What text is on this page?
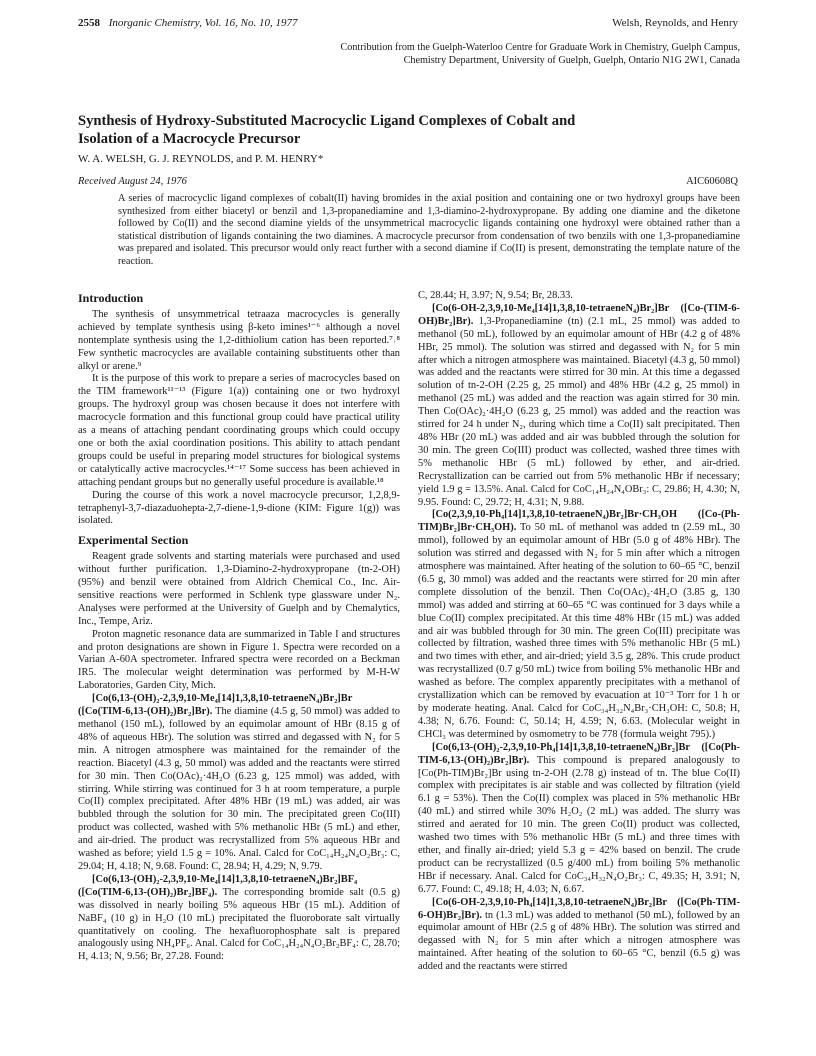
2558 Inorganic Chemistry, Vol. 16, No. 10, 1977	Welsh, Reynolds, and Henry
Contribution from the Guelph-Waterloo Centre for Graduate Work in Chemistry, Guelph Campus,
Chemistry Department, University of Guelph, Guelph, Ontario N1G 2W1, Canada
Synthesis of Hydroxy-Substituted Macrocyclic Ligand Complexes of Cobalt and
Isolation of a Macrocycle Precursor
W. A. WELSH, G. J. REYNOLDS, and P. M. HENRY*
Received August 24, 1976	AIC60608Q

A series of macrocyclic ligand complexes of cobalt(II) having bromides in the axial position and containing one or two hydroxyl groups have been synthesized from either biacetyl or benzil and 1,3-propanediamine and 1,3-diamino-2-hydroxypropane. By adding one diamine and the diketone followed by Co(II) and the second diamine yields of the unsymmetrical macrocyclic ligands containing one hydroxyl were obtained rather than a statistical distribution of ligands containing the two diamines. A macrocycle precursor from condensation of two benzils with one 1,3-propanediamine was prepared and isolated. This precursor would only react further with a second diamine if Co(II) is present, demonstrating the template nature of the reaction.

Introduction

The synthesis of unsymmetrical tetraaza macrocycles is generally achieved by template synthesis using β-keto imines¹⁻⁶ although a novel nontemplate synthesis using the 1,2-dithiolium cation has been reported.⁷˒⁸ Few synthetic macrocycles are available containing substituents other than alkyl or arene.⁹

It is the purpose of this work to prepare a series of macrocycles based on the TIM framework¹¹⁻¹³ (Figure 1(a)) containing one or two hydroxyl groups. The hydroxyl group was chosen because it does not interfere with macrocycle formation and this functional group could have practical utility as a means of attaching pendant coordinating groups which could occupy one or both the axial coordination positions. This ability to attach pendant groups could be useful in preparing model structures for biological systems or catalytically active macrocycles.¹⁴⁻¹⁷ Some success has been achieved in attaching pendant groups but no generally useful procedure is available.¹⁸

During the course of this work a novel macrocycle precursor, 1,2,8,9-tetraphenyl-3,7-diazaduohepta-2,7-diene-1,9-dione (KIM: Figure 1(g)) was isolated.

Experimental Section

Reagent grade solvents and starting materials were purchased and used without further purification. 1,3-Diamino-2-hydroxypropane (tn-2-OH) (95%) and benzil were obtained from Aldrich Chemical Co., Inc. Air-sensitive reactions were performed in Schlenk type glassware under N₂. Analyses were performed at the University of Guelph and by Chemalytics, Inc., Tempe, Ariz.

Proton magnetic resonance data are summarized in Table I and structures and proton designations are shown in Figure 1. Spectra were recorded on a Varian A-60A spectrometer. Infrared spectra were recorded on a Beckman IR5. The molecular weight determination was performed by M-H-W Laboratories, Garden City, Mich.

[Co(6,13-(OH)₂-2,3,9,10-Me₄[14]1,3,8,10-tetraeneN₄)Br₂]Br ([Co(TIM-6,13-(OH)₂)Br₂]Br). The diamine (4.5 g, 50 mmol) was added to methanol (150 mL), followed by an equimolar amount of HBr (8.15 g of 48% of aqueous HBr). The solution was stirred and degassed with N₂ for 5 min. A nitrogen atmosphere was maintained for the remainder of the reaction. Biacetyl (4.3 g, 50 mmol) was added and the reactants were stirred for 30 min. Then Co(OAc)₂·4H₂O (6.23 g, 125 mmol) was added, with stirring. While stirring was continued for 3 h at room temperature, a purple Co(II) complex precipitated. After 48% HBr (19 mL) was added, air was bubbled through the solution for 30 min. The precipitated green Co(III) product was collected, washed with 5% methanolic HBr (5 mL) and ether, and air-dried. The product was recrystallized from 5% aqueous HBr and washed as before; yield 1.5 g = 10%. Anal. Calcd for CoC₁₄H₂₄N₄O₂Br₃: C, 29.04; H, 4.18; N, 9.68. Found: C, 28.94; H, 4.29; N, 9.79.

[Co(6,13-(OH)₂-2,3,9,10-Me₄[14]1,3,8,10-tetraeneN₄)Br₂]BF₄ ([Co(TIM-6,13-(OH)₂)Br₂]BF₄). The corresponding bromide salt (0.5 g) was dissolved in nearly boiling 5% aqueous HBr (15 mL). Addition of NaBF₄ (10 g) in H₂O (10 mL) precipitated the fluoroborate salt virtually quantitatively on cooling. The hexafluorophosphate salt is prepared analogously using NH₄PF₆. Anal. Calcd for CoC₁₄H₂₄N₄O₂Br₂BF₄: C, 28.70; H, 4.13; N, 9.56; Br, 27.28. Found:

C, 28.44; H, 3.97; N, 9.54; Br, 28.33.

[Co(6-OH-2,3,9,10-Me₄[14]1,3,8,10-tetraeneN₄)Br₂]Br ([Co-(TIM-6-OH)Br₂]Br). 1,3-Propanediamine (tn) (2.1 mL, 25 mmol) was added to methanol (50 mL), followed by an equimolar amount of HBr (4.2 g of 48% HBr, 25 mmol). The solution was stirred and degassed with N₂ for 5 min after which a nitrogen atmosphere was maintained. Biacetyl (4.3 g, 50 mmol) was added and the reactants were stirred for 30 min. At this time a degassed solution of tn-2-OH (2.25 g, 25 mmol) and 48% HBr (4.2 g, 25 mmol) in methanol (25 mL) was added and the reaction was again stirred for 30 min. Then Co(OAc)₂·4H₂O (6.23 g, 25 mmol) was added and the reaction was stirred for 24 h under N₂, during which time a Co(II) salt precipitated. Then 48% HBr (20 mL) was added and air was bubbled through the solution for 30 min. The green Co(III) product was collected, washed three times with 5% methanolic HBr (5 mL) followed by ether, and air-dried. Recrystallization can be carried out from 5% methanolic HBr if necessary; yield 1.9 g = 13.5%. Anal. Calcd for CoC₁₄H₂₄N₄OBr₃: C, 29.86; H, 4.30; N, 9.95. Found: C, 29.72; H, 4.31; N, 9.88.

[Co(2,3,9,10-Ph₄[14]1,3,8,10-tetraeneN₄)Br₂]Br·CH₃OH ([Co-(Ph-TIM)Br₂]Br·CH₃OH). To 50 mL of methanol was added tn (2.59 mL, 30 mmol), followed by an equimolar amount of HBr (5.0 g of 48% HBr). The solution was stirred and degassed with N₂ for 5 min after which a nitrogen atmosphere was maintained. After heating of the solution to 60–65 °C, benzil (6.5 g, 30 mmol) was added and the reactants were stirred for 20 min after complete dissolution of the benzil. Then Co(OAc)₂·4H₂O (3.85 g, 130 mmol) was added and stirring at 60–65 °C was continued for 3 days while a blue Co(II) complex precipitated. At this time 48% HBr (15 mL) was added and air was bubbled through for 30 min. The green Co(III) precipitate was collected by filtration, washed three times with 5% methanolic HBr (5 mL) and two times with ether, and air-dried; yield 3.5 g, 28%. This crude product was recrystallized (0.7 g/50 mL) twice from boiling 5% methanolic HBr and washed as before. The complex apparently precipitates with a methanol of crystallization which can be removed by evacuation at 10⁻³ Torr for 1 h or by moderate heating. Anal. Calcd for CoC₃₄H₃₂N₄Br₃·CH₃OH: C, 50.8; H, 4.38; N, 6.76. Found: C, 50.14; H, 4.59; N, 6.63. (Molecular weight in CHCl₃ was determined by osmometry to be 778 (formula weight 795).)

[Co(6,13-(OH)₂-2,3,9,10-Ph₄[14]1,3,8,10-tetraeneN₄)Br₂]Br ([Co(Ph-TIM-6,13-(OH)₂)Br₂]Br). This compound is prepared analogously to [Co(Ph-TIM)Br₂]Br using tn-2-OH (2.78 g) instead of tn. The blue Co(II) complex with precipitates is air stable and was collected by filtration (yield 6.1 g = 53%). Then the Co(II) complex was placed in 5% methanolic HBr (40 mL) and stirred while 30% H₂O₂ (2 mL) was added. The slurry was stirred and aerated for 10 min. The green Co(II) product was collected, washed two times with 5% methanolic HBr (5 mL) and three times with ether, and finally air-dried; yield 5.3 g = 42% based on benzil. The crude product can be recrystallized (0.5 g/400 mL) from boiling 5% methanolic HBr if necessary. Anal. Calcd for CoC₃₄H₃₂N₄O₂Br₃: C, 49.35; H, 3.91; N, 6.77. Found: C, 49.18; H, 4.03; N, 6.67.

[Co(6-OH-2,3,9,10-Ph₄[14]1,3,8,10-tetraeneN₄)Br₂]Br ([Co(Ph-TIM-6-OH)Br₂]Br). tn (1.3 mL) was added to methanol (50 mL), followed by an equimolar amount of HBr (2.5 g of 48% HBr). The solution was stirred and degassed with N₂ for 5 min after which a nitrogen atmosphere was maintained. After heating of the solution to 60–65 °C, benzil (6.5 g) was added and the reactants were stirred
